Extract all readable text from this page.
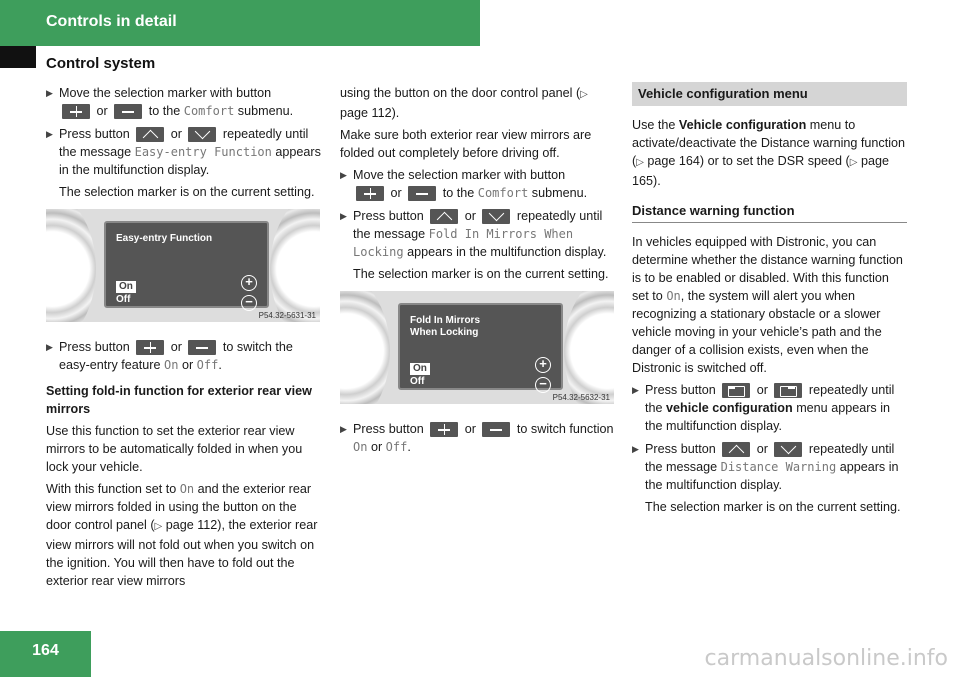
Controls in detail
Control system
▶ Move the selection marker with button
or	to the Comfort submenu.
▶ Press button	or	repeatedly until the message Easy-entry Function appears in the multifunction display.

The selection marker is on the current setting.

Easy-entry Function
On
Off
+
−
P54.32-5631-31
▶ Press button	or	to switch the easy-entry feature On or Off.

Setting fold-in function for exterior rear view mirrors

Use this function to set the exterior rear view mirrors to be automatically folded in when you lock your vehicle.

With this function set to On and the exterior rear view mirrors folded in using the button on the door control panel (▷ page 112), the exterior rear view mirrors will not fold out when you switch on the ignition. You will then have to fold out the exterior rear view mirrors

using the button on the door control panel (▷ page 112).

Make sure both exterior rear view mirrors are folded out completely before driving off.

▶ Move the selection marker with button
or	to the Comfort submenu.
▶ Press button	or	repeatedly until the message Fold In Mirrors When Locking appears in the multifunction display.

The selection marker is on the current setting.

Fold In Mirrors
When Locking
On
Off
+
−
P54.32-5632-31
▶ Press button	or	to switch function On or Off.
Vehicle configuration menu

Use the Vehicle configuration menu to activate/deactivate the Distance warning function (▷ page 164) or to set the DSR speed (▷ page 165).

Distance warning function

In vehicles equipped with Distronic, you can determine whether the distance warning function is to be enabled or disabled. With this function set to On, the system will alert you when recognizing a stationary obstacle or a slower vehicle moving in your vehicle’s path and the danger of a collision exists, even when the Distronic is switched off.

▶ Press button	or	repeatedly until the vehicle configuration menu appears in the multifunction display.
▶ Press button	or	repeatedly until the message Distance Warning appears in the multifunction display.

The selection marker is on the current setting.

164	carmanualsonline.info
